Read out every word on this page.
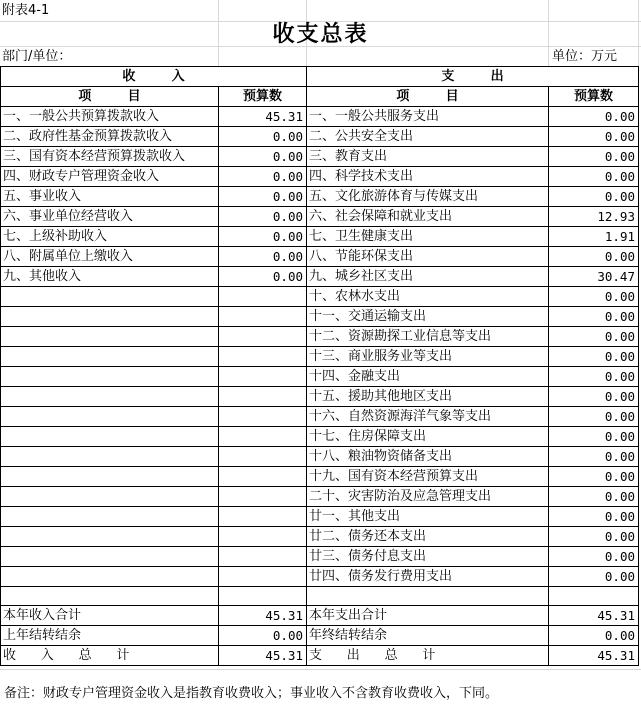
附表4-1
收支总表
部门/单位：	单位：万元
收        入		支        出	
项        目	预算数	项        目	预算数
一、一般公共预算拨款收入	45.31	一、一般公共服务支出	0.00
二、政府性基金预算拨款收入	0.00	二、公共安全支出	0.00
三、国有资本经营预算拨款收入	0.00	三、教育支出	0.00
四、财政专户管理资金收入	0.00	四、科学技术支出	0.00
五、事业收入	0.00	五、文化旅游体育与传媒支出	0.00
六、事业单位经营收入	0.00	六、社会保障和就业支出	12.93
七、上级补助收入	0.00	七、卫生健康支出	1.91
八、附属单位上缴收入	0.00	八、节能环保支出	0.00
九、其他收入	0.00	九、城乡社区支出	30.47
		十、农林水支出	0.00
		十一、交通运输支出	0.00
		十二、资源勘探工业信息等支出	0.00
		十三、商业服务业等支出	0.00
		十四、金融支出	0.00
		十五、援助其他地区支出	0.00
		十六、自然资源海洋气象等支出	0.00
		十七、住房保障支出	0.00
		十八、粮油物资储备支出	0.00
		十九、国有资本经营预算支出	0.00
		二十、灾害防治及应急管理支出	0.00
		廿一、其他支出	0.00
		廿二、债务还本支出	0.00
		廿三、债务付息支出	0.00
		廿四、债务发行费用支出	0.00

本年收入合计	45.31	本年支出合计	45.31
上年结转结余	0.00	年终结转结余	0.00
收      入      总      计	45.31	支      出      总      计	45.31
备注：财政专户管理资金收入是指教育收费收入；事业收入不含教育收费收入，下同。
